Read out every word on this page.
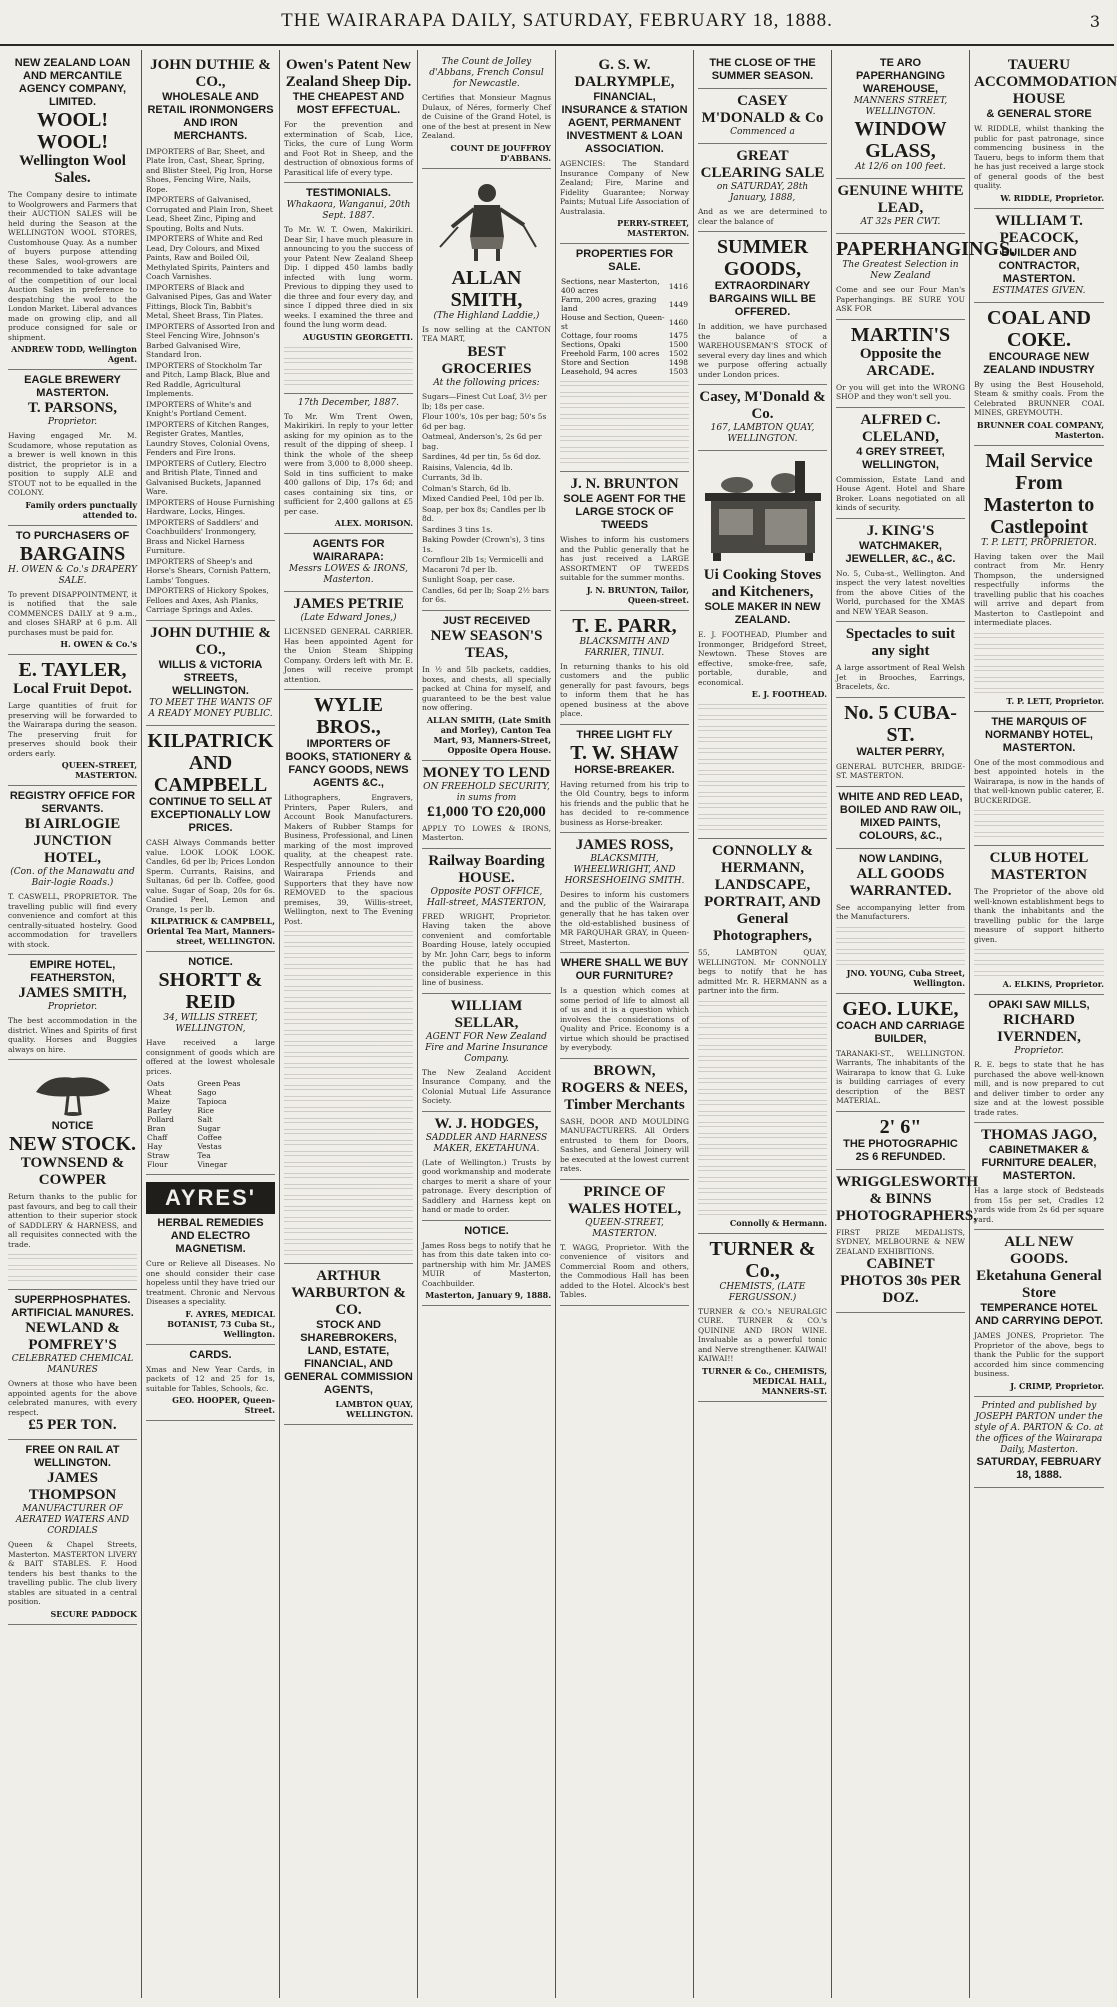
THE WAIRARAPA DAILY, SATURDAY, FEBRUARY 18, 1888.	3
NEW ZEALAND LOAN AND MERCANTILE AGENCY COMPANY, LIMITED.
WOOL! WOOL!
Wellington Wool Sales.
The Company desire to intimate to Woolgrowers and Farmers that their AUCTION SALES will be held during the Season at the WELLINGTON WOOL STORES, Customhouse Quay. As a number of buyers purpose attending these Sales, wool-growers are recommended to take advantage of the competition of our local Auction Sales in preference to despatching the wool to the London Market. Liberal advances made on growing clip, and all produce consigned for sale or shipment.
ANDREW TODD, Wellington Agent.
EAGLE BREWERY MASTERTON.
T. PARSONS,
Proprietor.
Having engaged Mr. M. Scudamore, whose reputation as a brewer is well known in this district, the proprietor is in a position to supply ALE and STOUT not to be equalled in the COLONY.
Family orders punctually attended to.
TO PURCHASERS OF
BARGAINS
H. OWEN & Co.'s DRAPERY SALE.
To prevent DISAPPOINTMENT, it is notified that the sale COMMENCES DAILY at 9 a.m., and closes SHARP at 6 p.m. All purchases must be paid for.
H. OWEN & Co.'s
E. TAYLER,
Local Fruit Depot.
Large quantities of fruit for preserving will be forwarded to the Wairarapa during the season. The preserving fruit for preserves should book their orders early.
QUEEN-STREET, MASTERTON.
REGISTRY OFFICE FOR SERVANTS.
BI AIRLOGIE JUNCTION HOTEL,
(Con. of the Manawatu and Bair-logie Roads.)
T. CASWELL, PROPRIETOR. The travelling public will find every convenience and comfort at this centrally-situated hostelry. Good accommodation for travellers with stock.
EMPIRE HOTEL, FEATHERSTON,
JAMES SMITH,
Proprietor.
The best accommodation in the district. Wines and Spirits of first quality. Horses and Buggies always on hire.
NOTICE
NEW STOCK.
TOWNSEND & COWPER
Return thanks to the public for past favours, and beg to call their attention to their superior stock of SADDLERY & HARNESS, and all requisites connected with the trade.
SUPERPHOSPHATES. ARTIFICIAL MANURES.
NEWLAND & POMFREY'S
CELEBRATED CHEMICAL MANURES
Owners at those who have been appointed agents for the above celebrated manures, with every respect.
£5 PER TON.
FREE ON RAIL AT WELLINGTON.
JAMES THOMPSON
MANUFACTURER OF AERATED WATERS AND CORDIALS
Queen & Chapel Streets, Masterton. MASTERTON LIVERY & BAIT STABLES. F. Hood tenders his best thanks to the travelling public. The club livery stables are situated in a central position.
SECURE PADDOCK
JOHN DUTHIE & CO.,
WHOLESALE AND RETAIL IRONMONGERS AND IRON MERCHANTS.
IMPORTERS of Bar, Sheet, and Plate Iron, Cast, Shear, Spring, and Blister Steel, Pig Iron, Horse Shoes, Fencing Wire, Nails, Rope.
IMPORTERS of Galvanised, Corrugated and Plain Iron, Sheet Lead, Sheet Zinc, Piping and Spouting, Bolts and Nuts.
IMPORTERS of White and Red Lead, Dry Colours, and Mixed Paints, Raw and Boiled Oil, Methylated Spirits, Painters and Coach Varnishes.
IMPORTERS of Black and Galvanised Pipes, Gas and Water Fittings, Block Tin, Babbit's Metal, Sheet Brass, Tin Plates.
IMPORTERS of Assorted Iron and Steel Fencing Wire, Johnson's Barbed Galvanised Wire, Standard Iron.
IMPORTERS of Stockholm Tar and Pitch, Lamp Black, Blue and Red Raddle, Agricultural Implements.
IMPORTERS of White's and Knight's Portland Cement.
IMPORTERS of Kitchen Ranges, Register Grates, Mantles, Laundry Stoves, Colonial Ovens, Fenders and Fire Irons.
IMPORTERS of Cutlery, Electro and British Plate, Tinned and Galvanised Buckets, Japanned Ware.
IMPORTERS of House Furnishing Hardware, Locks, Hinges.
IMPORTERS of Saddlers' and Coachbuilders' Ironmongery, Brass and Nickel Harness Furniture.
IMPORTERS of Sheep's and Horse's Shears, Cornish Pattern, Lambs' Tongues.
IMPORTERS of Hickory Spokes, Felloes and Axes, Ash Planks, Carriage Springs and Axles.
JOHN DUTHIE & CO.,
WILLIS & VICTORIA STREETS, WELLINGTON.
TO MEET THE WANTS OF A READY MONEY PUBLIC.
KILPATRICK AND CAMPBELL
CONTINUE TO SELL AT EXCEPTIONALLY LOW PRICES.
CASH Always Commands better value. LOOK LOOK LOOK. Candles, 6d per lb; Prices London Sperm. Currants, Raisins, and Sultanas, 6d per lb. Coffee, good value. Sugar of Soap, 20s for 6s. Candied Peel, Lemon and Orange, 1s per lb.
KILPATRICK & CAMPBELL, Oriental Tea Mart, Manners-street, WELLINGTON.
NOTICE.
SHORTT & REID
34, WILLIS STREET, WELLINGTON,
Have received a large consignment of goods which are offered at the lowest wholesale prices.
Oats	Green Peas
Wheat	Sago
Maize	Tapioca
Barley	Rice
Pollard	Salt
Bran	Sugar
Chaff	Coffee
Hay	Vestas
Straw	Tea
Flour	Vinegar
AYRES'
HERBAL REMEDIES AND ELECTRO MAGNETISM.
Cure or Relieve all Diseases. No one should consider their case hopeless until they have tried our treatment. Chronic and Nervous Diseases a speciality.
F. AYRES, MEDICAL BOTANIST, 73 Cuba St., Wellington.
CARDS.
Xmas and New Year Cards, in packets of 12 and 25 for 1s, suitable for Tables, Schools, &c.
GEO. HOOPER, Queen-Street.
Owen's Patent New Zealand Sheep Dip.
THE CHEAPEST AND MOST EFFECTUAL.
For the prevention and extermination of Scab, Lice, Ticks, the cure of Lung Worm and Foot Rot in Sheep, and the destruction of obnoxious forms of Parasitical life of every type.
TESTIMONIALS.
Whakaora, Wanganui, 20th Sept. 1887.
To Mr. W. T. Owen, Makirikiri. Dear Sir, I have much pleasure in announcing to you the success of your Patent New Zealand Sheep Dip. I dipped 450 lambs badly infected with lung worm. Previous to dipping they used to die three and four every day, and since I dipped three died in six weeks. I examined the three and found the lung worm dead.
AUGUSTIN GEORGETTI.
17th December, 1887.
To Mr. Wm Trent Owen, Makirikiri. In reply to your letter asking for my opinion as to the result of the dipping of sheep. I think the whole of the sheep were from 3,000 to 8,000 sheep. Sold in tins sufficient to make 400 gallons of Dip, 17s 6d; and cases containing six tins, or sufficient for 2,400 gallons at £5 per case.
ALEX. MORISON.
AGENTS FOR WAIRARAPA:
Messrs LOWES & IRONS, Masterton.
JAMES PETRIE
(Late Edward Jones,)
LICENSED GENERAL CARRIER. Has been appointed Agent for the Union Steam Shipping Company. Orders left with Mr. E. Jones will receive prompt attention.
WYLIE BROS.,
IMPORTERS OF BOOKS, STATIONERY & FANCY GOODS, NEWS AGENTS &C.,
Lithographers, Engravers, Printers, Paper Rulers, and Account Book Manufacturers. Makers of Rubber Stamps for Business, Professional, and Linen marking of the most improved quality, at the cheapest rate. Respectfully announce to their Wairarapa Friends and Supporters that they have now REMOVED to the spacious premises, 39, Willis-street, Wellington, next to The Evening Post.
ARTHUR WARBURTON & CO.
STOCK AND SHAREBROKERS, LAND, ESTATE, FINANCIAL, AND GENERAL COMMISSION AGENTS,
LAMBTON QUAY, WELLINGTON.
The Count de Jolley d'Abbans, French Consul for Newcastle.
Certifies that Monsieur Magnus Dulaux, of Néres, formerly Chef de Cuisine of the Grand Hotel, is one of the best at present in New Zealand.
COUNT DE JOUFFROY D'ABBANS.
ALLAN SMITH,
(The Highland Laddie,)
Is now selling at the CANTON TEA MART,
BEST GROCERIES
At the following prices:
Sugars—Finest Cut Loaf, 3½ per lb; 18s per case.
Flour 100's, 10s per bag; 50's 5s 6d per bag.
Oatmeal, Anderson's, 2s 6d per bag.
Sardines, 4d per tin, 5s 6d doz.
Raisins, Valencia, 4d lb.
Currants, 3d lb.
Colman's Starch, 6d lb.
Mixed Candied Peel, 10d per lb.
Soap, per box 8s; Candles per lb 8d.
Sardines 3 tins 1s.
Baking Powder (Crown's), 3 tins 1s.
Cornflour 2lb 1s; Vermicelli and Macaroni 7d per lb.
Sunlight Soap, per case.
Candles, 6d per lb; Soap 2½ bars for 6s.
JUST RECEIVED
NEW SEASON'S TEAS,
In ½ and 5lb packets, caddies, boxes, and chests, all specially packed at China for myself, and guaranteed to be the best value now offering.
ALLAN SMITH, (Late Smith and Morley), Canton Tea Mart, 93, Manners-Street, Opposite Opera House.
MONEY TO LEND
ON FREEHOLD SECURITY, in sums from
£1,000 TO £20,000
APPLY TO LOWES & IRONS, Masterton.
Railway Boarding HOUSE.
Opposite POST OFFICE, Hall-street, MASTERTON,
FRED WRIGHT, Proprietor. Having taken the above convenient and comfortable Boarding House, lately occupied by Mr. John Carr, begs to inform the public that he has had considerable experience in this line of business.
WILLIAM SELLAR,
AGENT FOR New Zealand Fire and Marine Insurance Company.
The New Zealand Accident Insurance Company, and the Colonial Mutual Life Assurance Society.
W. J. HODGES,
SADDLER AND HARNESS MAKER, EKETAHUNA.
(Late of Wellington.) Trusts by good workmanship and moderate charges to merit a share of your patronage. Every description of Saddlery and Harness kept on hand or made to order.
NOTICE.
James Ross begs to notify that he has from this date taken into co-partnership with him Mr. JAMES MUIR of Masterton, Coachbuilder.
Masterton, January 9, 1888.
G. S. W. DALRYMPLE,
FINANCIAL, INSURANCE & STATION AGENT, PERMANENT INVESTMENT & LOAN ASSOCIATION.
AGENCIES: The Standard Insurance Company of New Zealand; Fire, Marine and Fidelity Guarantee; Norway Paints; Mutual Life Association of Australasia.
PERRY-STREET, MASTERTON.
PROPERTIES FOR SALE.
Sections, near Masterton, 400 acres	1416
Farm, 200 acres, grazing land	1449
House and Section, Queen-st	1460
Cottage, four rooms	1475
Sections, Opaki	1500
Freehold Farm, 100 acres	1502
Store and Section	1498
Leasehold, 94 acres	1503
J. N. BRUNTON
SOLE AGENT FOR THE LARGE STOCK OF TWEEDS
Wishes to inform his customers and the Public generally that he has just received a LARGE ASSORTMENT OF TWEEDS suitable for the summer months.
J. N. BRUNTON, Tailor, Queen-street.
T. E. PARR,
BLACKSMITH AND FARRIER, TINUI.
In returning thanks to his old customers and the public generally for past favours, begs to inform them that he has opened business at the above place.
THREE LIGHT FLY
T. W. SHAW
HORSE-BREAKER.
Having returned from his trip to the Old Country, begs to inform his friends and the public that he has decided to re-commence business as Horse-breaker.
JAMES ROSS,
BLACKSMITH, WHEELWRIGHT, AND HORSESHOEING SMITH.
Desires to inform his customers and the public of the Wairarapa generally that he has taken over the old-established business of MR FARQUHAR GRAY, in Queen-Street, Masterton.
WHERE SHALL WE BUY OUR FURNITURE?
Is a question which comes at some period of life to almost all of us and it is a question which involves the considerations of Quality and Price. Economy is a virtue which should be practised by everybody.
BROWN, ROGERS & NEES,
Timber Merchants
SASH, DOOR AND MOULDING MANUFACTURERS. All Orders entrusted to them for Doors, Sashes, and General Joinery will be executed at the lowest current rates.
PRINCE OF WALES HOTEL,
QUEEN-STREET, MASTERTON.
T. WAGG, Proprietor. With the convenience of visitors and Commercial Room and others, the Commodious Hall has been added to the Hotel. Alcock's best Tables.
THE CLOSE OF THE SUMMER SEASON.
CASEY M'DONALD & Co
Commenced a
GREAT CLEARING SALE
on SATURDAY, 28th January, 1888,
And as we are determined to clear the balance of
SUMMER GOODS,
EXTRAORDINARY BARGAINS WILL BE OFFERED.
In addition, we have purchased the balance of a WAREHOUSEMAN'S STOCK of several every day lines and which we purpose offering actually under London prices.
Casey, M'Donald & Co.
167, LAMBTON QUAY, WELLINGTON.
Ui Cooking Stoves and Kitcheners,
SOLE MAKER IN NEW ZEALAND.
E. J. FOOTHEAD, Plumber and Ironmonger, Bridgeford Street, Newtown. These Stoves are effective, smoke-free, safe, portable, durable, and economical.
E. J. FOOTHEAD.
CONNOLLY & HERMANN,
LANDSCAPE, PORTRAIT, AND General Photographers,
55, LAMBTON QUAY, WELLINGTON. Mr CONNOLLY begs to notify that he has admitted Mr. R. HERMANN as a partner into the firm.
Connolly & Hermann.
TURNER & Co.,
CHEMISTS, (LATE FERGUSSON.)
TURNER & CO.'s NEURALGIC CURE. TURNER & CO.'s QUININE AND IRON WINE. Invaluable as a powerful tonic and Nerve strengthener. KAIWAI! KAIWAI!!
TURNER & Co., CHEMISTS, MEDICAL HALL, MANNERS-ST.
TE ARO PAPERHANGING WAREHOUSE,
MANNERS STREET, WELLINGTON.
WINDOW GLASS,
At 12/6 on 100 feet.
GENUINE WHITE LEAD,
AT 32s PER CWT.
PAPERHANGINGS.
The Greatest Selection in New Zealand
Come and see our Four Man's Paperhangings. BE SURE YOU ASK FOR
MARTIN'S
Opposite the ARCADE.
Or you will get into the WRONG SHOP and they won't sell you.
ALFRED C. CLELAND,
4 GREY STREET, WELLINGTON,
Commission, Estate Land and House Agent. Hotel and Share Broker. Loans negotiated on all kinds of security.
J. KING'S
WATCHMAKER, JEWELLER, &C., &C.
No. 5, Cuba-st., Wellington. And inspect the very latest novelties from the above Cities of the World, purchased for the XMAS and NEW YEAR Season.
Spectacles to suit any sight
A large assortment of Real Welsh Jet in Brooches, Earrings, Bracelets, &c.
No. 5 CUBA-ST.
WALTER PERRY,
GENERAL BUTCHER, BRIDGE-ST. MASTERTON.
WHITE AND RED LEAD,
BOILED AND RAW OIL, MIXED PAINTS, COLOURS, &C.,
NOW LANDING,
ALL GOODS WARRANTED.
See accompanying letter from the Manufacturers.
JNO. YOUNG, Cuba Street, Wellington.
GEO. LUKE,
COACH AND CARRIAGE BUILDER,
TARANAKI-ST., WELLINGTON. Warrants, The inhabitants of the Wairarapa to know that G. Luke is building carriages of every description of the BEST MATERIAL.
2' 6"
THE PHOTOGRAPHIC 2S 6 REFUNDED.
WRIGGLESWORTH & BINNS
PHOTOGRAPHERS,
FIRST PRIZE MEDALISTS, SYDNEY, MELBOURNE & NEW ZEALAND EXHIBITIONS.
CABINET PHOTOS 30s PER DOZ.
TAUERU ACCOMMODATION HOUSE
& GENERAL STORE
W. RIDDLE, whilst thanking the public for past patronage, since commencing business in the Taueru, begs to inform them that he has just received a large stock of general goods of the best quality.
W. RIDDLE, Proprietor.
WILLIAM T. PEACOCK,
BUILDER AND CONTRACTOR, MASTERTON.
ESTIMATES GIVEN.
COAL AND COKE.
ENCOURAGE NEW ZEALAND INDUSTRY
By using the Best Household, Steam & smithy coals. From the Celebrated BRUNNER COAL MINES, GREYMOUTH.
BRUNNER COAL COMPANY, Masterton.
Mail Service From Masterton to Castlepoint
T. P. LETT, PROPRIETOR.
Having taken over the Mail contract from Mr. Henry Thompson, the undersigned respectfully informs the travelling public that his coaches will arrive and depart from Masterton to Castlepoint and intermediate places.
T. P. LETT, Proprietor.
THE MARQUIS OF NORMANBY HOTEL,
MASTERTON.
One of the most commodious and best appointed hotels in the Wairarapa, is now in the hands of that well-known public caterer, E. BUCKERIDGE.
CLUB HOTEL MASTERTON
The Proprietor of the above old well-known establishment begs to thank the inhabitants and the travelling public for the large measure of support hitherto given.
A. ELKINS, Proprietor.
OPAKI SAW MILLS,
RICHARD IVERNDEN,
Proprietor.
R. E. begs to state that he has purchased the above well-known mill, and is now prepared to cut and deliver timber to order any size and at the lowest possible trade rates.
THOMAS JAGO,
CABINETMAKER & FURNITURE DEALER, MASTERTON.
Has a large stock of Bedsteads from 15s per set, Cradles 12 yards wide from 2s 6d per square yard.
ALL NEW GOODS.
Eketahuna General Store
TEMPERANCE HOTEL AND CARRYING DEPOT.
JAMES JONES, Proprietor. The Proprietor of the above, begs to thank the Public for the support accorded him since commencing business.
J. CRIMP, Proprietor.
Printed and published by JOSEPH PARTON under the style of A. PARTON & Co. at the offices of the Wairarapa Daily, Masterton.
SATURDAY, FEBRUARY 18, 1888.
